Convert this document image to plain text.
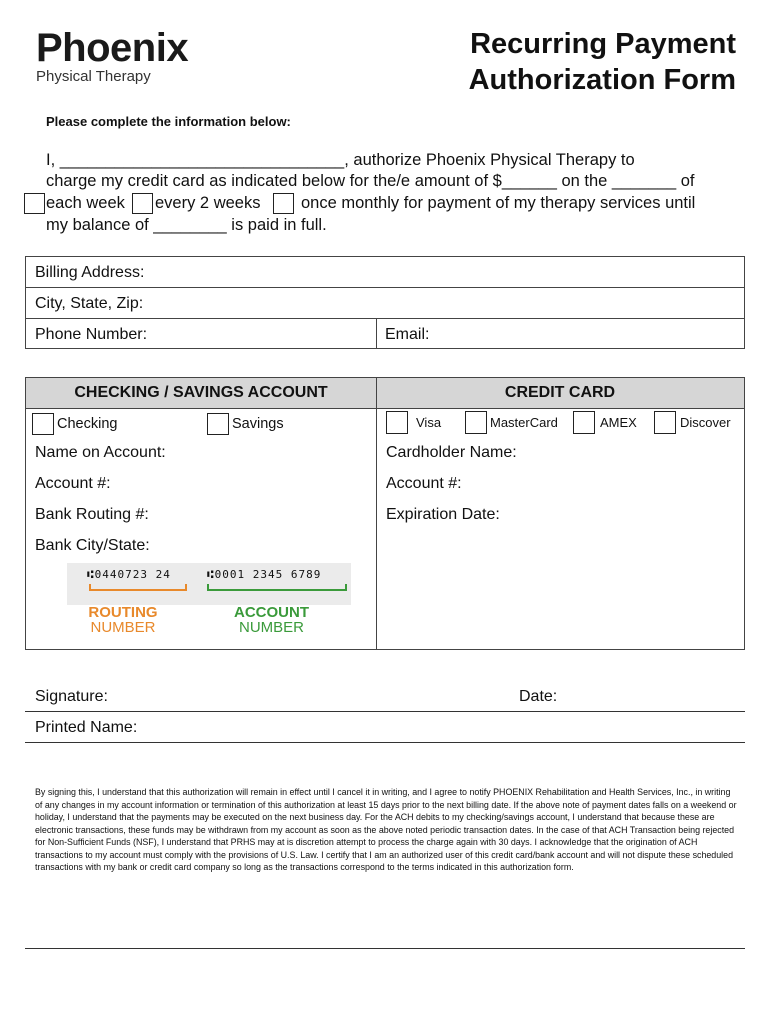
Phoenix
Physical Therapy
Recurring Payment
Authorization Form
Please complete the information below:
I, _______________________________, authorize Phoenix Physical Therapy to
charge my credit card as indicated below for the/e amount of $______ on the _______ of
each week every 2 weeks once monthly for payment of my therapy services until
my balance of ________ is paid in full.
Billing Address:
City, State, Zip:
Phone Number:	Email:
CHECKING / SAVINGS ACCOUNT	CREDIT CARD
Checking	Savings
Name on Account:
Account #:
Bank Routing #:
Bank City/State:
⑆0440723 24	⑆0001 2345 6789
ROUTING
NUMBER
ACCOUNT
NUMBER
Visa	MasterCard	AMEX	Discover
Cardholder Name:
Account #:
Expiration Date:
Signature:	Date:
Printed Name:
By signing this, I understand that this authorization will remain in effect until I cancel it in writing, and I agree to notify PHOENIX Rehabilitation and Health Services, Inc., in writing of any changes in my account information or termination of this authorization at least 15 days prior to the next billing date. If the above note of payment dates falls on a weekend or holiday, I understand that the payments may be executed on the next business day. For the ACH debits to my checking/savings account, I understand that because these are electronic transactions, these funds may be withdrawn from my account as soon as the above noted periodic transaction dates. In the case of that ACH Transaction being rejected for Non-Sufficient Funds (NSF), I understand that PRHS may at is discretion attempt to process the charge again with 30 days. I acknowledge that the origination of ACH transactions to my account must comply with the provisions of U.S. Law. I certify that I am an authorized user of this credit card/bank account and will not dispute these scheduled transactions with my bank or credit card company so long as the transactions correspond to the terms indicated in this authorization form.
